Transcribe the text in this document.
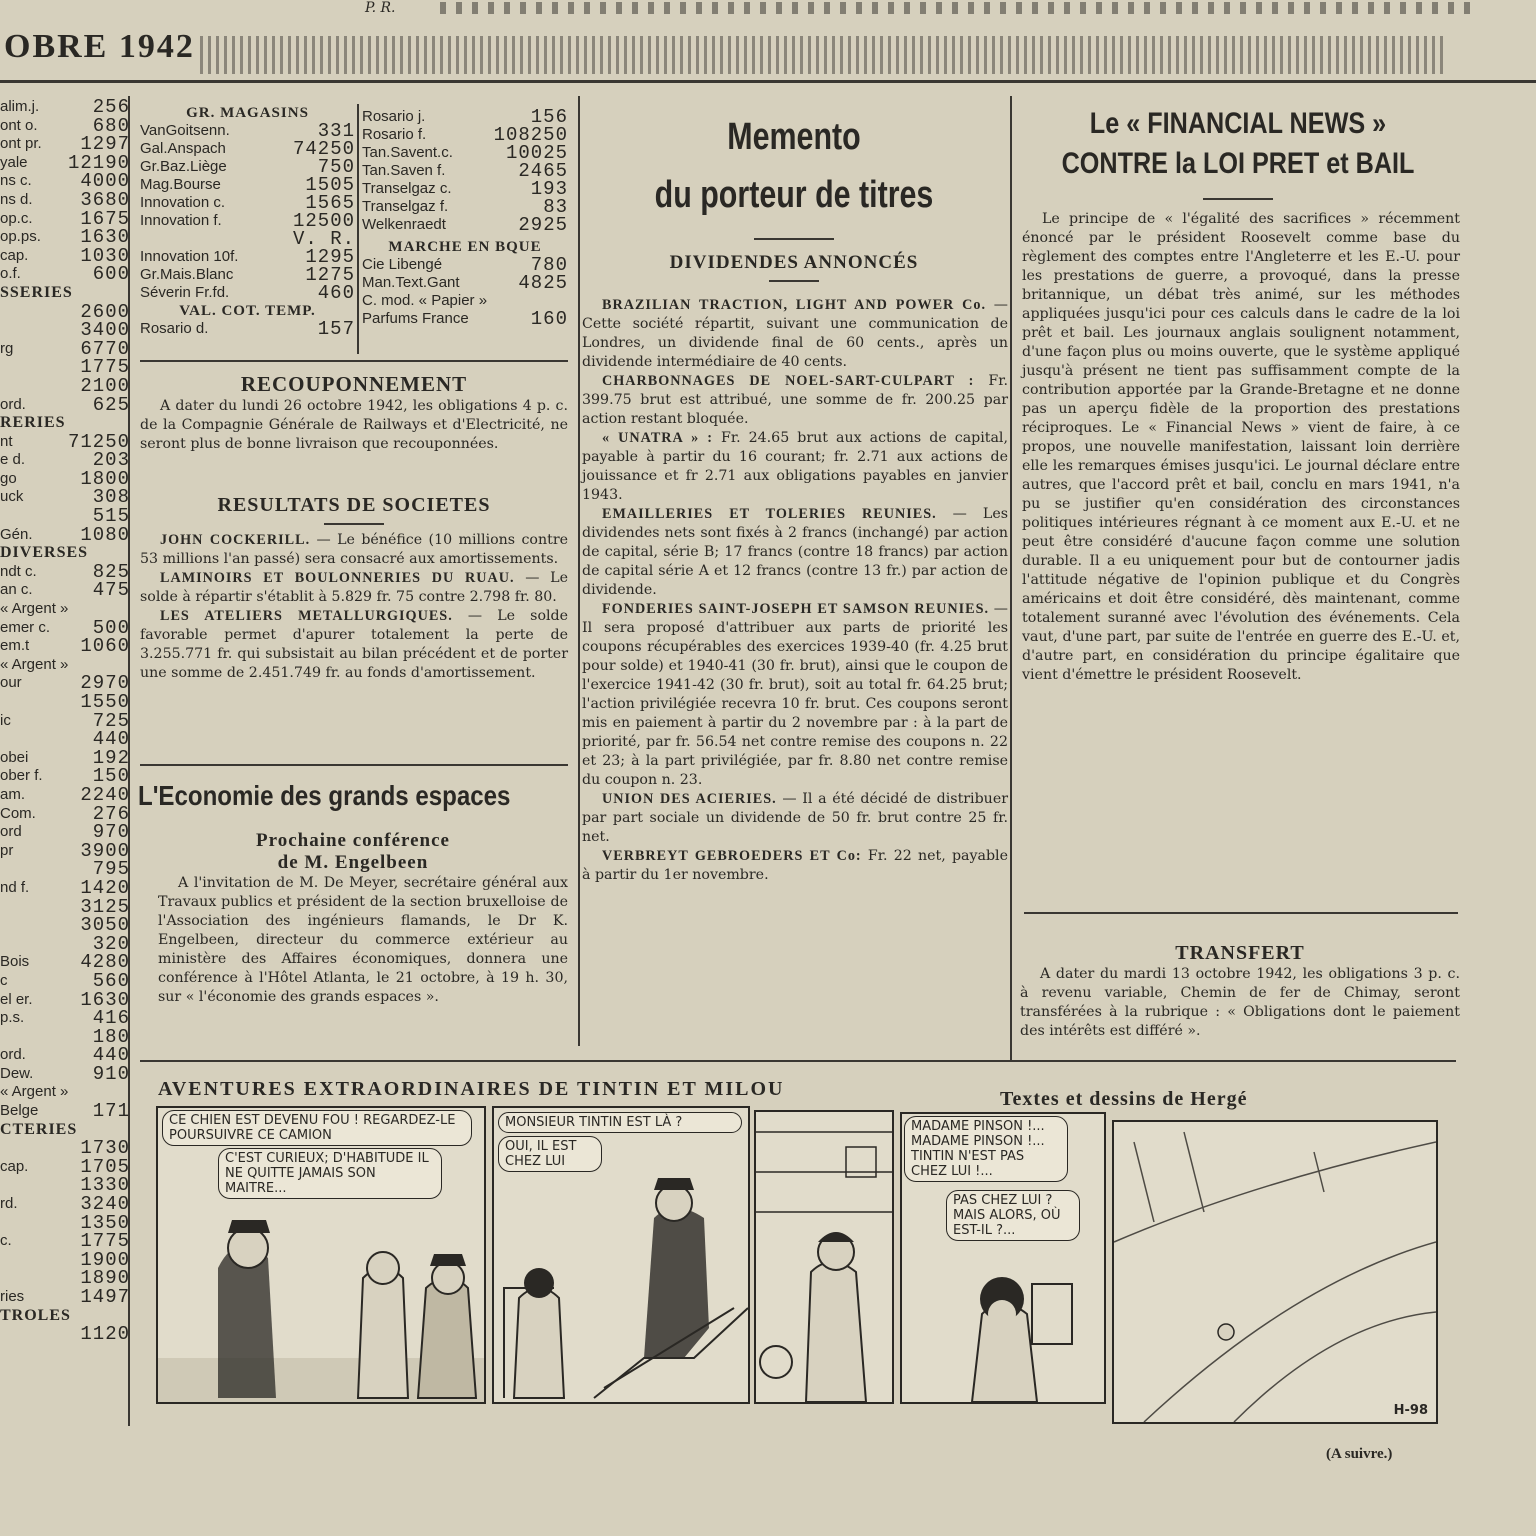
P. R.
OBRE 1942
alim.j.	256
ont o.	680
ont pr. 1297
yale 12190
ns c.	4000
ns d.	3680
op.c.	1675
op.ps. 1630
cap.	1030
o.f.	600
SSERIES
2600
3400
rg	6770
1775
2100
ord.	625
RERIES
nt	71250
e d.	203
go	1800
uck	308
515
Gén.	1080
DIVERSES
ndt c.	825
an c.	475
« Argent »
emer c. 500
em.t	1060
« Argent »
our	2970
1550
ic	725
440
obei	192
ober f.	150
am.	2240
Com.	276
ord	970
pr	3900
795
nd f.	1420
3125
3050
320
Bois	4280
c	560
el er.	1630
p.s.	416
180
ord.	440
Dew.	910
« Argent »
Belge	171
CTERIES
1730
cap.	1705
1330
rd.	3240
1350
c.	1775
1900
1890
ries	1497
TROLES
1120
GR. MAGASINS
VanGoitsenn.	331
Gal.Anspach	74250
Gr.Baz.Liège	750
Mag.Bourse	1505
Innovation c.	1565
Innovation f.	12500
V. R.
Innovation 10f.	1295
Gr.Mais.Blanc	1275
Séverin Fr.fd.	460
VAL. COT. TEMP.
Rosario d.	157
Rosario j.	156
Rosario f.	108250
Tan.Savent.c.	10025
Tan.Saven f.	2465
Transelgaz c.	193
Transelgaz f.	83
Welkenraedt	2925
MARCHE EN BQUE
Cie Libengé	780
Man.Text.Gant	4825
C. mod. « Papier »
Parfums France	160
RECOUPONNEMENT

A dater du lundi 26 octobre 1942, les obligations 4 p. c. de la Compagnie Générale de Railways et d'Electricité, ne seront plus de bonne livraison que recouponnées.

RESULTATS DE SOCIETES

JOHN COCKERILL. — Le bénéfice (10 millions contre 53 millions l'an passé) sera consacré aux amortissements.

LAMINOIRS ET BOULONNERIES DU RUAU. — Le solde à répartir s'établit à 5.829 fr. 75 contre 2.798 fr. 80.

LES ATELIERS METALLURGIQUES. — Le solde favorable permet d'apurer totalement la perte de 3.255.771 fr. qui subsistait au bilan précédent et de porter une somme de 2.451.749 fr. au fonds d'amortissement.

L'Economie des grands espaces
Prochaine conférence
de M. Engelbeen

A l'invitation de M. De Meyer, secrétaire général aux Travaux publics et président de la section bruxelloise de l'Association des ingénieurs flamands, le Dr K. Engelbeen, directeur du commerce extérieur au ministère des Affaires économiques, donnera une conférence à l'Hôtel Atlanta, le 21 octobre, à 19 h. 30, sur « l'économie des grands espaces ».

Memento
du porteur de titres
DIVIDENDES ANNONCÉS

BRAZILIAN TRACTION, LIGHT AND POWER Co. — Cette société répartit, suivant une communication de Londres, un dividende final de 60 cents., après un dividende intermédiaire de 40 cents.

CHARBONNAGES DE NOEL-SART-CULPART : Fr. 399.75 brut est attribué, une somme de fr. 200.25 par action restant bloquée.

« UNATRA » : Fr. 24.65 brut aux actions de capital, payable à partir du 16 courant; fr. 2.71 aux actions de jouissance et fr 2.71 aux obligations payables en janvier 1943.

EMAILLERIES ET TOLERIES REUNIES. — Les dividendes nets sont fixés à 2 francs (inchangé) par action de capital, série B; 17 francs (contre 18 francs) par action de capital série A et 12 francs (contre 13 fr.) par action de dividende.

FONDERIES SAINT-JOSEPH ET SAMSON REUNIES. — Il sera proposé d'attribuer aux parts de priorité les coupons récupérables des exercices 1939-40 (fr. 4.25 brut pour solde) et 1940-41 (30 fr. brut), ainsi que le coupon de l'exercice 1941-42 (30 fr. brut), soit au total fr. 64.25 brut; l'action privilégiée recevra 10 fr. brut. Ces coupons seront mis en paiement à partir du 2 novembre par : à la part de priorité, par fr. 56.54 net contre remise des coupons n. 22 et 23; à la part privilégiée, par fr. 8.80 net contre remise du coupon n. 23.

UNION DES ACIERIES. — Il a été décidé de distribuer par part sociale un dividende de 50 fr. brut contre 25 fr. net.

VERBREYT GEBROEDERS ET Co: Fr. 22 net, payable à partir du 1er novembre.

Le « FINANCIAL NEWS »
CONTRE la LOI PRET et BAIL

Le principe de « l'égalité des sacrifices » récemment énoncé par le président Roosevelt comme base du règlement des comptes entre l'Angleterre et les E.-U. pour les prestations de guerre, a provoqué, dans la presse britannique, un débat très animé, sur les méthodes appliquées jusqu'ici pour ces calculs dans le cadre de la loi prêt et bail. Les journaux anglais soulignent notamment, d'une façon plus ou moins ouverte, que le système appliqué jusqu'à présent ne tient pas suffisamment compte de la contribution apportée par la Grande-Bretagne et ne donne pas un aperçu fidèle de la proportion des prestations réciproques. Le « Financial News » vient de faire, à ce propos, une nouvelle manifestation, laissant loin derrière elle les remarques émises jusqu'ici. Le journal déclare entre autres, que l'accord prêt et bail, conclu en mars 1941, n'a pu se justifier qu'en considération des circonstances politiques intérieures régnant à ce moment aux E.-U. et ne peut être considéré d'aucune façon comme une solution durable. Il a eu uniquement pour but de contourner jadis l'attitude négative de l'opinion publique et du Congrès américains et doit être considéré, dès maintenant, comme totalement suranné avec l'évolution des événements. Cela vaut, d'une part, par suite de l'entrée en guerre des E.-U. et, d'autre part, en considération du principe égalitaire que vient d'émettre le président Roosevelt.

TRANSFERT

A dater du mardi 13 octobre 1942, les obligations 3 p. c. à revenu variable, Chemin de fer de Chimay, seront transférées à la rubrique : « Obligations dont le paiement des intérêts est différé ».

AVENTURES EXTRAORDINAIRES DE TINTIN ET MILOU	Textes et dessins de Hergé
CE CHIEN EST DEVENU FOU ! REGARDEZ-LE POURSUIVRE CE CAMION
C'EST CURIEUX; D'HABITUDE IL NE QUITTE JAMAIS SON MAITRE...
MONSIEUR TINTIN EST LÀ ?
OUI, IL EST CHEZ LUI
MADAME PINSON !... MADAME PINSON !... TINTIN N'EST PAS CHEZ LUI !...
PAS CHEZ LUI ? MAIS ALORS, OÙ EST-IL ?...
H-98
(A suivre.)
